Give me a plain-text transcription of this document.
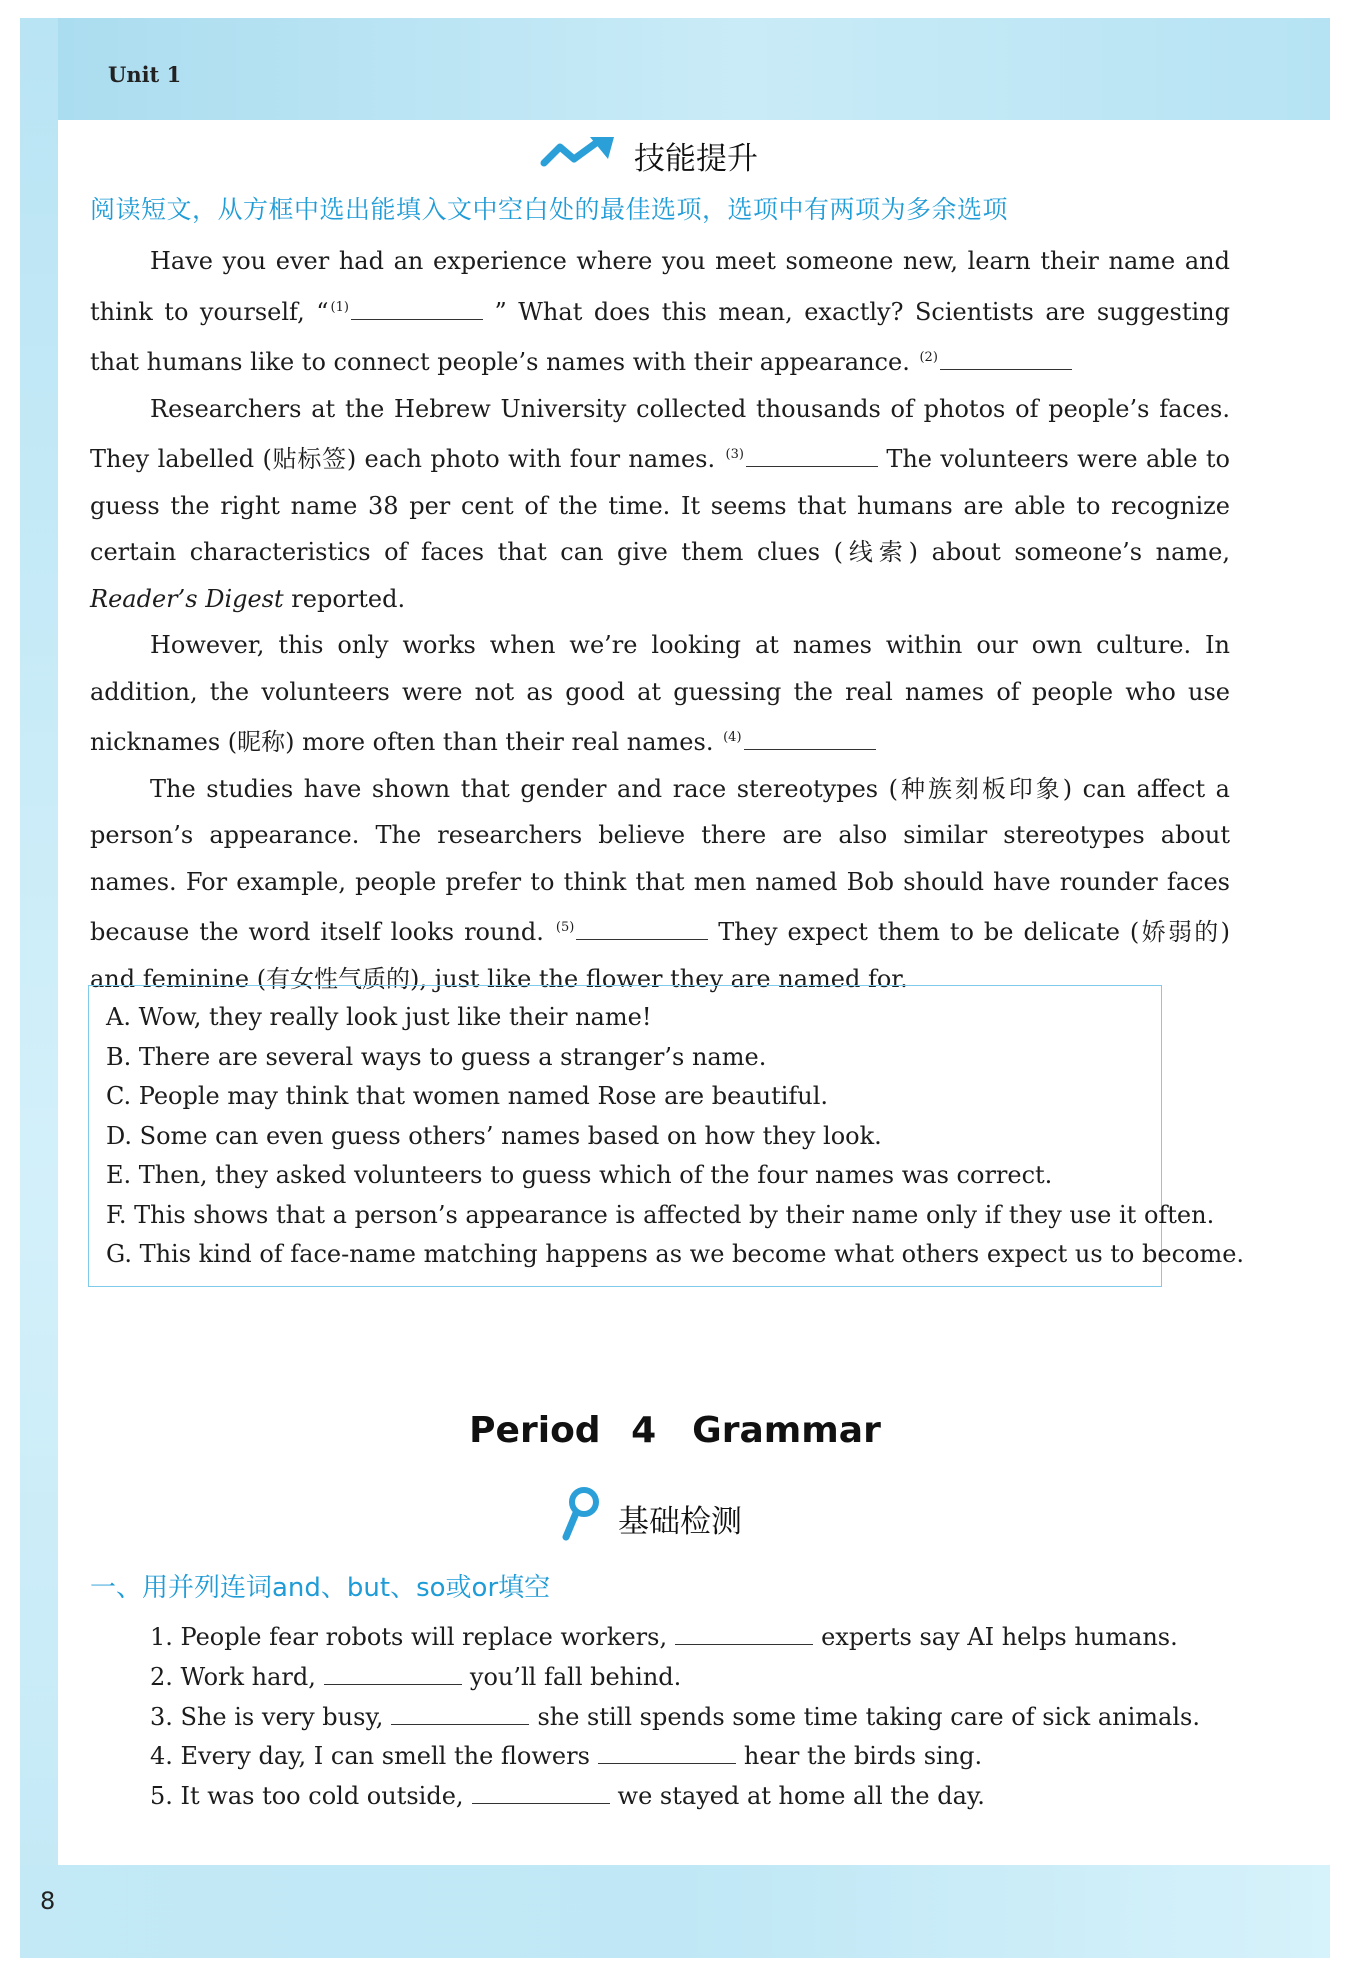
Unit 1
技能提升
阅读短文，从方框中选出能填入文中空白处的最佳选项，选项中有两项为多余选项

Have you ever had an experience where you meet someone new, learn their name and think to yourself, “ $^{(1)}$	” What does this mean, exactly? Scientists are suggesting that humans like to connect people’s names with their appearance. $^{(2)}$

Researchers at the Hebrew University collected thousands of photos of people’s faces. They labelled (贴标签) each photo with four names. $^{(3)}$	The volunteers were able to guess the right name 38 per cent of the time. It seems that humans are able to recognize certain characteristics of faces that can give them clues (线索) about someone’s name, Reader’s Digest reported.

However, this only works when we’re looking at names within our own culture. In addition, the volunteers were not as good at guessing the real names of people who use nicknames (昵称) more often than their real names. $^{(4)}$

The studies have shown that gender and race stereotypes (种族刻板印象) can affect a person’s appearance. The researchers believe there are also similar stereotypes about names. For example, people prefer to think that men named Bob should have rounder faces because the word itself looks round. $^{(5)}$	They expect them to be delicate (娇弱的) and feminine (有女性气质的), just like the flower they are named for.

A. Wow, they really look just like their name!
B. There are several ways to guess a stranger’s name.
C. People may think that women named Rose are beautiful.
D. Some can even guess others’ names based on how they look.
E. Then, they asked volunteers to guess which of the four names was correct.
F. This shows that a person’s appearance is affected by their name only if they use it often.
G. This kind of face-name matching happens as we become what others expect us to become.
Period 4　Grammar
基础检测
一、用并列连词and、but、so或or填空
1. People fear robots will replace workers,	experts say AI helps humans.
2. Work hard,	you’ll fall behind.
3. She is very busy,	she still spends some time taking care of sick animals.
4. Every day, I can smell the flowers	hear the birds sing.
5. It was too cold outside,	we stayed at home all the day.
8
